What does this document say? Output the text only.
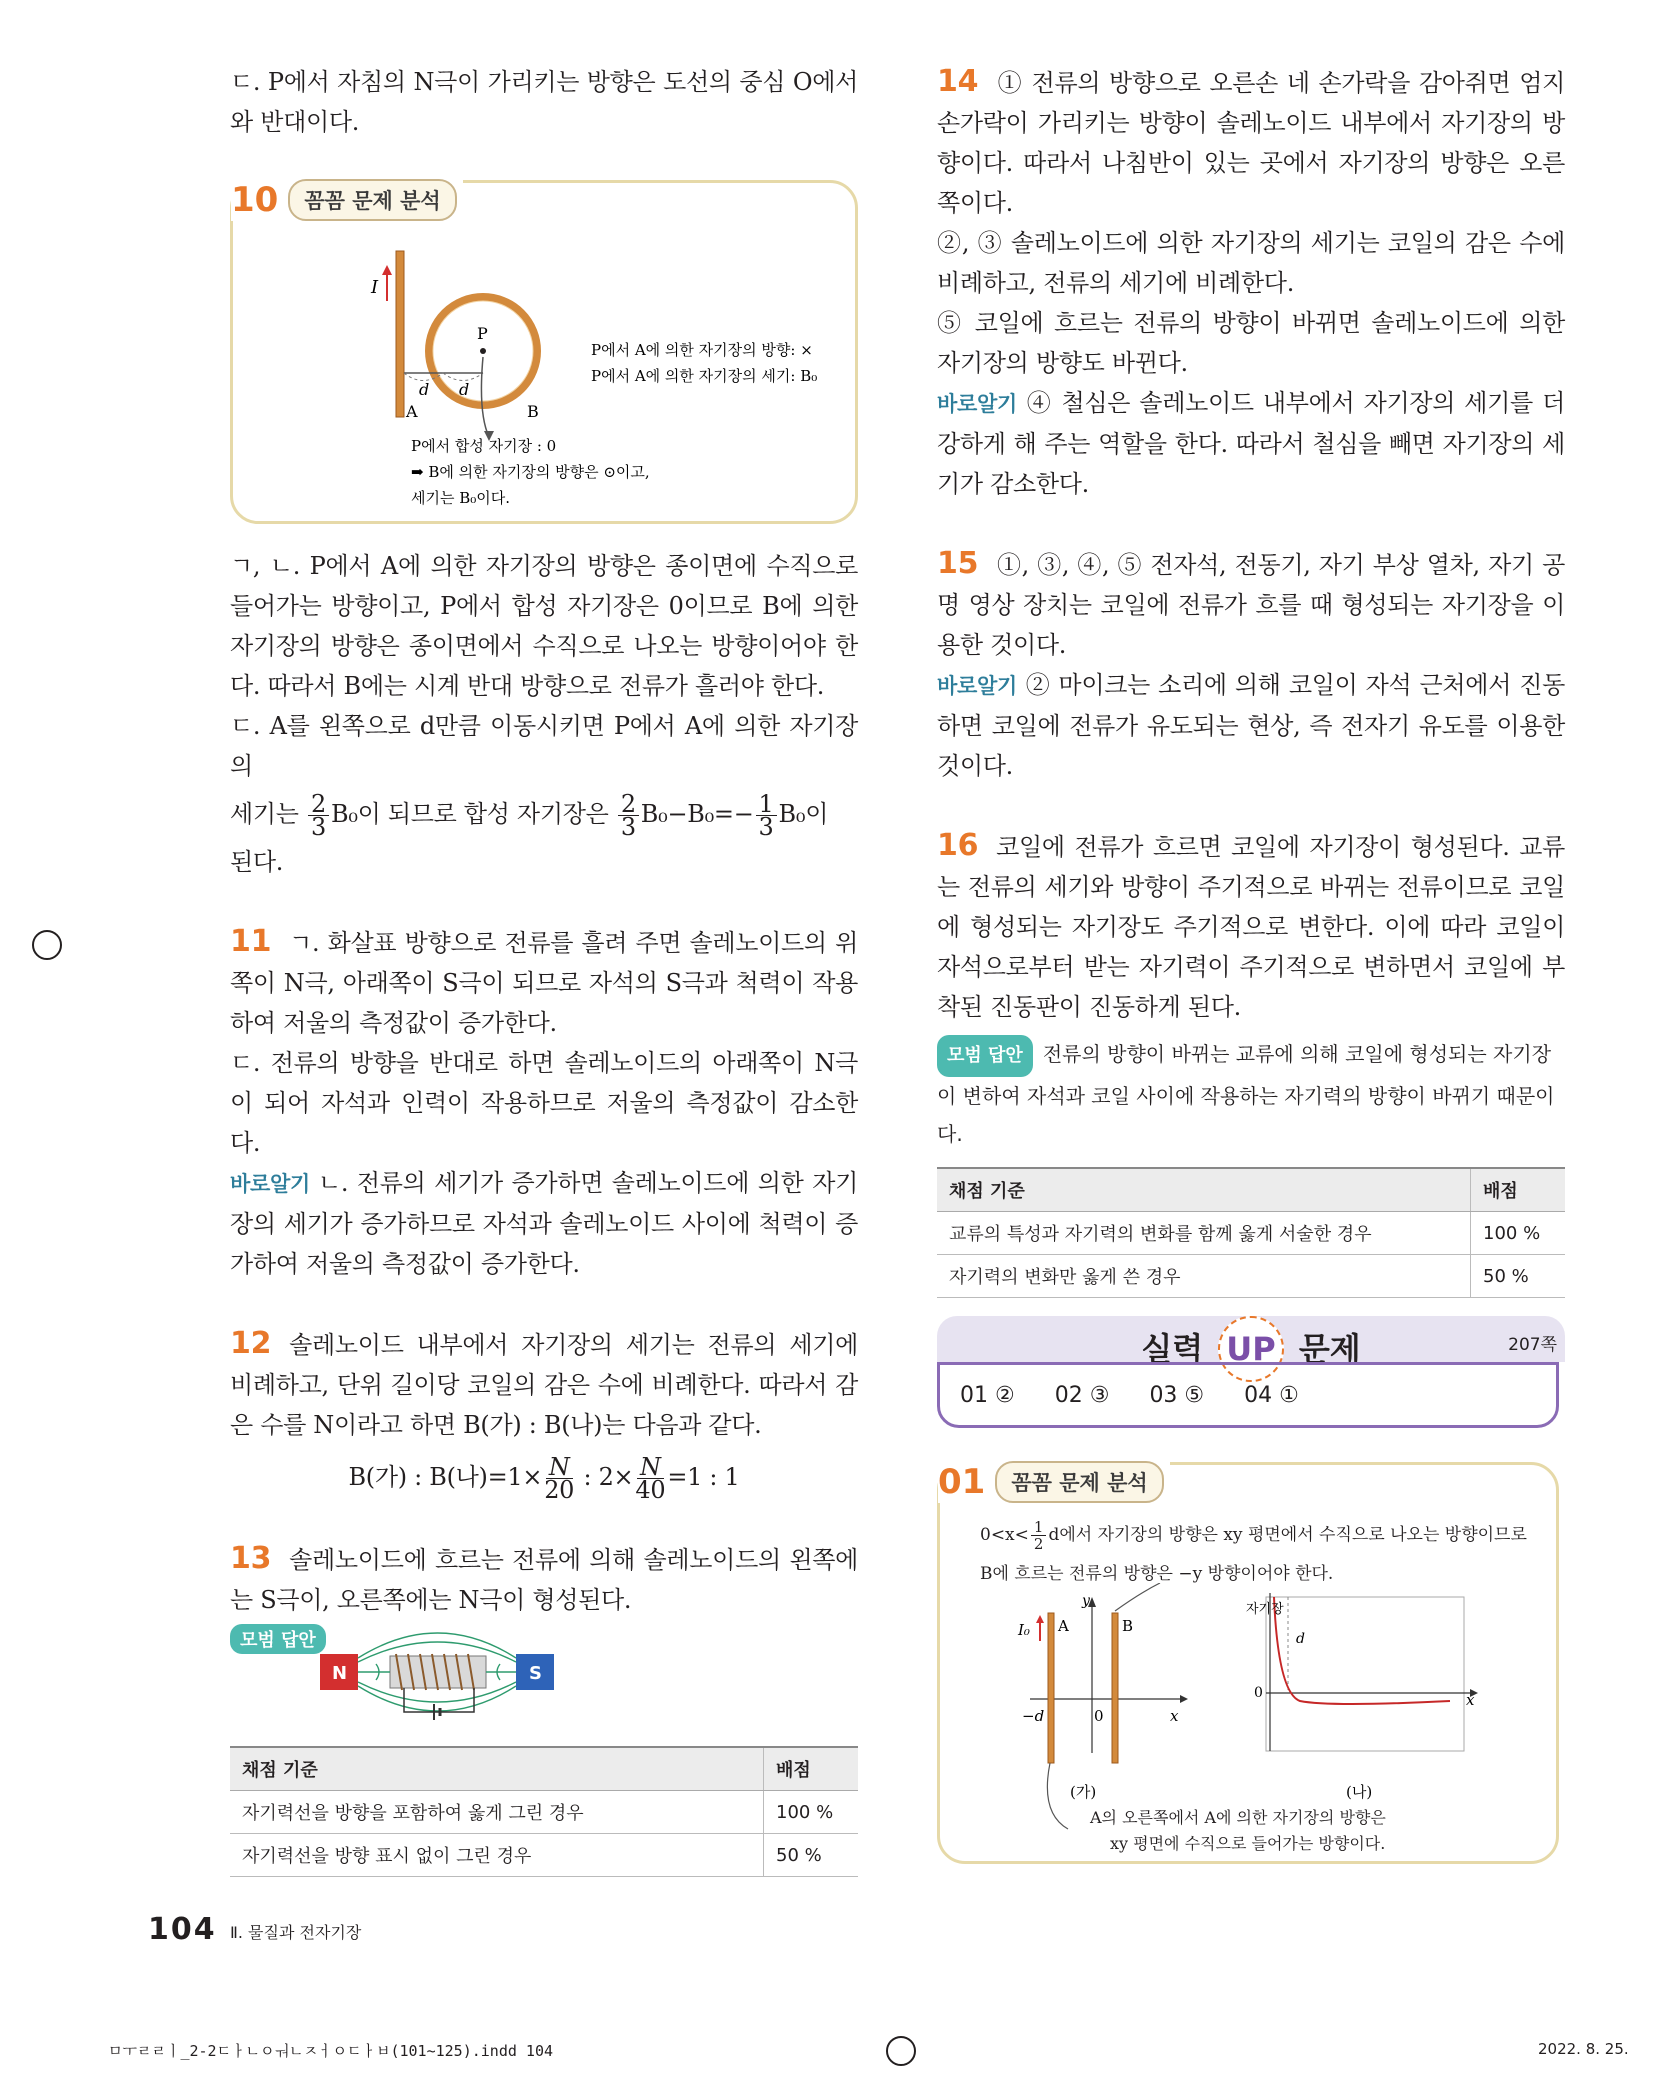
ㄷ. P에서 자침의 N극이 가리키는 방향은 도선의 중심 O에서와 반대이다.

10	꼼꼼 문제 분석
I
P
d d
A	B
P에서 A에 의한 자기장의 방향: ×
P에서 A에 의한 자기장의 세기: B₀
P에서 합성 자기장 : 0
➡ B에 의한 자기장의 방향은 ⊙이고,
세기는 B₀이다.

ㄱ, ㄴ. P에서 A에 의한 자기장의 방향은 종이면에 수직으로 들어가는 방향이고, P에서 합성 자기장은 0이므로 B에 의한 자기장의 방향은 종이면에서 수직으로 나오는 방향이어야 한다. 따라서 B에는 시계 반대 방향으로 전류가 흘러야 한다.

ㄷ. A를 왼쪽으로 d만큼 이동시키면 P에서 A에 의한 자기장의

세기는 $\frac{2}{3} B_0$이 되므로 합성 자기장은 $\frac{2}{3} B_0-B_0=- \frac{1}{3} B_0$이

된다.

11 ㄱ. 화살표 방향으로 전류를 흘려 주면 솔레노이드의 위쪽이 N극, 아래쪽이 S극이 되므로 자석의 S극과 척력이 작용하여 저울의 측정값이 증가한다.

ㄷ. 전류의 방향을 반대로 하면 솔레노이드의 아래쪽이 N극이 되어 자석과 인력이 작용하므로 저울의 측정값이 감소한다.

바로알기 ㄴ. 전류의 세기가 증가하면 솔레노이드에 의한 자기장의 세기가 증가하므로 자석과 솔레노이드 사이에 척력이 증가하여 저울의 측정값이 증가한다.

12 솔레노이드 내부에서 자기장의 세기는 전류의 세기에 비례하고, 단위 길이당 코일의 감은 수에 비례한다. 따라서 감은 수를 N이라고 하면 B(가) : B(나)는 다음과 같다.

B(가) : B(나)$=1\times \frac{N}{20}$ : $2\times \frac{N}{40} =1$ : 1

13 솔레노이드에 흐르는 전류에 의해 솔레노이드의 왼쪽에는 S극이, 오른쪽에는 N극이 형성된다.

모범 답안
N	S
채점 기준	배점
자기력선을 방향을 포함하여 옳게 그린 경우	100 %
자기력선을 방향 표시 없이 그린 경우	50 %

14 ① 전류의 방향으로 오른손 네 손가락을 감아쥐면 엄지손가락이 가리키는 방향이 솔레노이드 내부에서 자기장의 방향이다. 따라서 나침반이 있는 곳에서 자기장의 방향은 오른쪽이다.

②, ③ 솔레노이드에 의한 자기장의 세기는 코일의 감은 수에 비례하고, 전류의 세기에 비례한다.

⑤ 코일에 흐르는 전류의 방향이 바뀌면 솔레노이드에 의한 자기장의 방향도 바뀐다.

바로알기 ④ 철심은 솔레노이드 내부에서 자기장의 세기를 더 강하게 해 주는 역할을 한다. 따라서 철심을 빼면 자기장의 세기가 감소한다.

15 ①, ③, ④, ⑤ 전자석, 전동기, 자기 부상 열차, 자기 공명 영상 장치는 코일에 전류가 흐를 때 형성되는 자기장을 이용한 것이다.

바로알기 ② 마이크는 소리에 의해 코일이 자석 근처에서 진동하면 코일에 전류가 유도되는 현상, 즉 전자기 유도를 이용한 것이다.

16 코일에 전류가 흐르면 코일에 자기장이 형성된다. 교류는 전류의 세기와 방향이 주기적으로 바뀌는 전류이므로 코일에 형성되는 자기장도 주기적으로 변한다. 이에 따라 코일이 자석으로부터 받는 자기력이 주기적으로 변하면서 코일에 부착된 진동판이 진동하게 된다.

모범 답안 전류의 방향이 바뀌는 교류에 의해 코일에 형성되는 자기장이 변하여 자석과 코일 사이에 작용하는 자기력의 방향이 바뀌기 때문이다.

채점 기준	배점
교류의 특성과 자기력의 변화를 함께 옳게 서술한 경우	100 %
자기력의 변화만 옳게 쓴 경우	50 %
실력 UP 문제	207쪽
01 ② 02 ③ 03 ⑤ 04 ①
01	꼼꼼 문제 분석
$0<x< \frac{1}{2}$ d에서 자기장의 방향은 xy 평면에서 수직으로 나오는 방향이므로
B에 흐르는 전류의 방향은 −y 방향이어야 한다.
I₀ A	B
y
−d	0	x
(가)
자기장
d
0	x
(나)
A의 오른쪽에서 A에 의한 자기장의 방향은
xy 평면에 수직으로 들어가는 방향이다.
104 Ⅱ. 물질과 전자기장
ㅁㅜㄹㄹㅣ_2-2ㄷㅏㄴㅇㅝㄴㅈㅓㅇㄷㅏㅂ(101~125).indd 104	2022. 8. 25.
